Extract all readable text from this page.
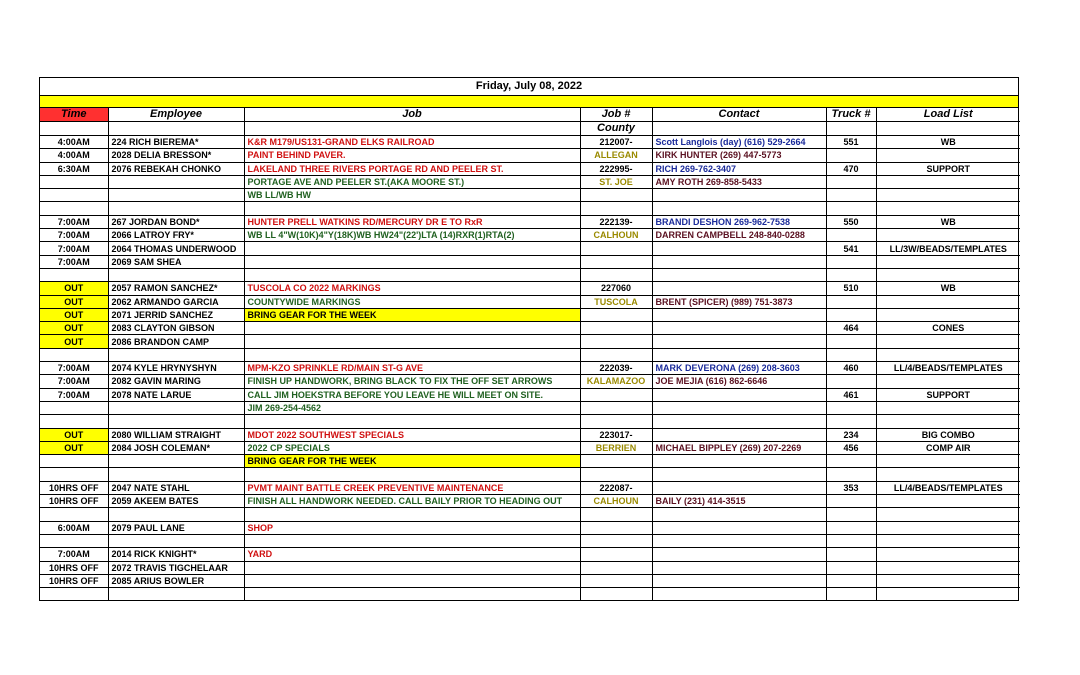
Friday, July 08, 2022
Time	Employee	Job	Job #	Contact	Truck #	Load List
			County			
4:00AM	224 RICH BIEREMA*	K&R M179/US131-GRAND ELKS RAILROAD	212007-	Scott Langlois (day) (616) 529-2664	551	WB
4:00AM	2028 DELIA BRESSON*	PAINT BEHIND PAVER.	ALLEGAN	KIRK HUNTER (269) 447-5773		
6:30AM	2076 REBEKAH CHONKO	LAKELAND THREE RIVERS PORTAGE RD AND PEELER ST.	222995-	RICH 269-762-3407	470	SUPPORT
		PORTAGE AVE AND PEELER ST.(AKA MOORE ST.)	ST. JOE	AMY ROTH 269-858-5433		
		WB LL/WB HW				

7:00AM	267 JORDAN BOND*	HUNTER PRELL WATKINS RD/MERCURY DR E TO RxR	222139-	BRANDI DESHON 269-962-7538	550	WB
7:00AM	2066 LATROY FRY*	WB LL 4"W(10K)4"Y(18K)WB HW24"(22')LTA (14)RXR(1)RTA(2)	CALHOUN	DARREN CAMPBELL 248-840-0288		
7:00AM	2064 THOMAS UNDERWOOD				541	LL/3W/BEADS/TEMPLATES
7:00AM	2069 SAM SHEA					

OUT	2057 RAMON SANCHEZ*	TUSCOLA CO 2022 MARKINGS	227060		510	WB
OUT	2062 ARMANDO GARCIA	COUNTYWIDE MARKINGS	TUSCOLA	BRENT (SPICER) (989) 751-3873		
OUT	2071 JERRID SANCHEZ	BRING GEAR FOR THE WEEK				
OUT	2083 CLAYTON GIBSON				464	CONES
OUT	2086 BRANDON CAMP					

7:00AM	2074 KYLE HRYNYSHYN	MPM-KZO SPRINKLE RD/MAIN ST-G AVE	222039-	MARK DEVERONA (269) 208-3603	460	LL/4/BEADS/TEMPLATES
7:00AM	2082 GAVIN MARING	FINISH UP HANDWORK, BRING BLACK TO FIX THE OFF SET ARROWS	KALAMAZOO	JOE MEJIA (616) 862-6646		
7:00AM	2078 NATE LARUE	CALL JIM HOEKSTRA BEFORE YOU LEAVE HE WILL MEET ON SITE.			461	SUPPORT
		JIM 269-254-4562				

OUT	2080 WILLIAM STRAIGHT	MDOT 2022 SOUTHWEST SPECIALS	223017-		234	BIG COMBO
OUT	2084 JOSH COLEMAN*	2022 CP SPECIALS	BERRIEN	MICHAEL BIPPLEY (269) 207-2269	456	COMP AIR
		BRING GEAR FOR THE WEEK				

10HRS OFF	2047 NATE STAHL	PVMT MAINT BATTLE CREEK PREVENTIVE MAINTENANCE	222087-		353	LL/4/BEADS/TEMPLATES
10HRS OFF	2059 AKEEM BATES	FINISH ALL HANDWORK NEEDED. CALL BAILY PRIOR TO HEADING OUT	CALHOUN	BAILY (231) 414-3515		

6:00AM	2079 PAUL LANE	SHOP				

7:00AM	2014 RICK KNIGHT*	YARD				
10HRS OFF	2072 TRAVIS TIGCHELAAR					
10HRS OFF	2085 ARIUS BOWLER					
